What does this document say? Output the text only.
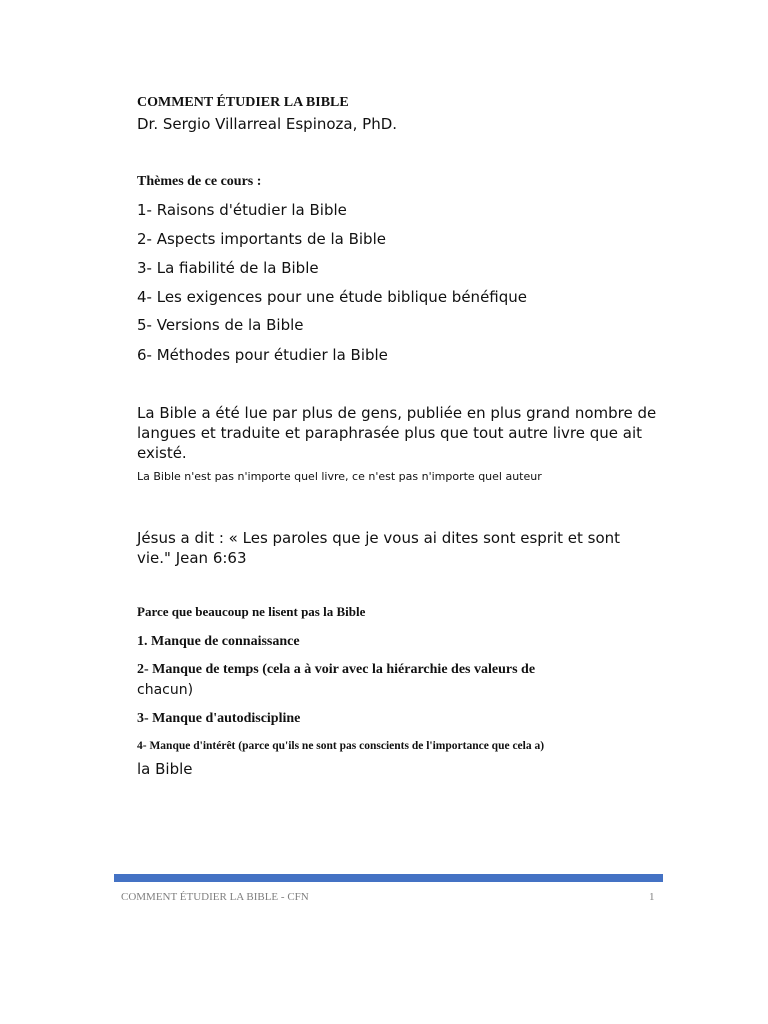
COMMENT ÉTUDIER LA BIBLE

Dr. Sergio Villarreal Espinoza, PhD.

Thèmes de ce cours :

1- Raisons d'étudier la Bible

2- Aspects importants de la Bible

3- La fiabilité de la Bible

4- Les exigences pour une étude biblique bénéfique

5- Versions de la Bible

6- Méthodes pour étudier la Bible

La Bible a été lue par plus de gens, publiée en plus grand nombre de langues et traduite et paraphrasée plus que tout autre livre que ait existé.

La Bible n'est pas n'importe quel livre, ce n'est pas n'importe quel auteur

Jésus a dit : « Les paroles que je vous ai dites sont esprit et sont vie." Jean 6:63

Parce que beaucoup ne lisent pas la Bible

1. Manque de connaissance

2- Manque de temps (cela a à voir avec la hiérarchie des valeurs de

chacun)

3- Manque d'autodiscipline

4- Manque d'intérêt (parce qu'ils ne sont pas conscients de l'importance que cela a)

la Bible

COMMENT ÉTUDIER LA BIBLE - CFN	1
